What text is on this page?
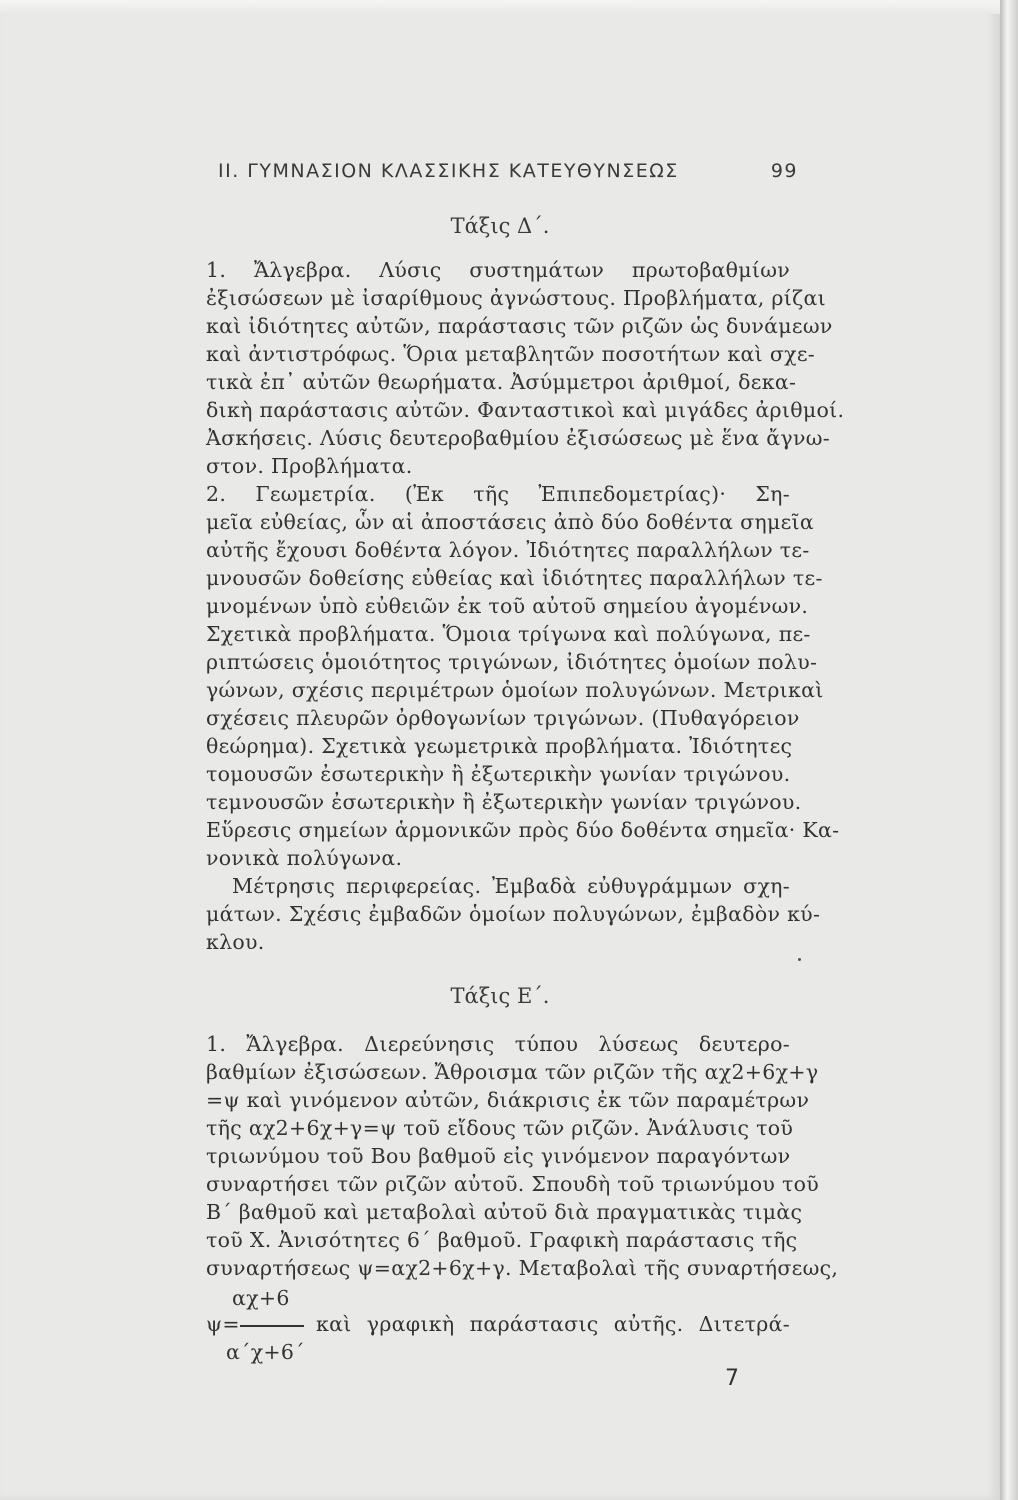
II. ΓΥΜΝΑΣΙΟΝ ΚΛΑΣΣΙΚΗΣ ΚΑΤΕΥΘΥΝΣΕΩΣ	99
Τάξις Δ΄.
1. Ἄλγεβρα. Λύσις συστημάτων πρωτοβαθμίων
ἐξισώσεων μὲ ἰσαρίθμους ἀγνώστους. Προβλήματα, ρίζαι
καὶ ἰδιότητες αὐτῶν, παράστασις τῶν ριζῶν ὡς δυνάμεων
καὶ ἀντιστρόφως. Ὅρια μεταβλητῶν ποσοτήτων καὶ σχε-
τικὰ ἐπ᾽ αὐτῶν θεωρήματα. Ἀσύμμετροι ἀριθμοί, δεκα-
δικὴ παράστασις αὐτῶν. Φανταστικοὶ καὶ μιγάδες ἀριθμοί.
Ἀσκήσεις. Λύσις δευτεροβαθμίου ἐξισώσεως μὲ ἕνα ἄγνω-
στον. Προβλήματα.
2. Γεωμετρία. (Ἐκ τῆς Ἐπιπεδομετρίας)· Ση-
μεῖα εὐθείας, ὧν αἱ ἀποστάσεις ἀπὸ δύο δοθέντα σημεῖα
αὐτῆς ἔχουσι δοθέντα λόγον. Ἰδιότητες παραλλήλων τε-
μνουσῶν δοθείσης εὐθείας καὶ ἰδιότητες παραλλήλων τε-
μνομένων ὑπὸ εὐθειῶν ἐκ τοῦ αὐτοῦ σημείου ἀγομένων.
Σχετικὰ προβλήματα. Ὅμοια τρίγωνα καὶ πολύγωνα, πε-
ριπτώσεις ὁμοιότητος τριγώνων, ἰδιότητες ὁμοίων πολυ-
γώνων, σχέσις περιμέτρων ὁμοίων πολυγώνων. Μετρικαὶ
σχέσεις πλευρῶν ὀρθογωνίων τριγώνων. (Πυθαγόρειον
θεώρημα). Σχετικὰ γεωμετρικὰ προβλήματα. Ἰδιότητες
τομουσῶν ἐσωτερικὴν ἢ ἐξωτερικὴν γωνίαν τριγώνου.
τεμνουσῶν ἐσωτερικὴν ἢ ἐξωτερικὴν γωνίαν τριγώνου.
Εὕρεσις σημείων ἁρμονικῶν πρὸς δύο δοθέντα σημεῖα· Κα-
νονικὰ πολύγωνα.
Μέτρησις περιφερείας. Ἐμβαδὰ εὐθυγράμμων σχη-
μάτων. Σχέσις ἐμβαδῶν ὁμοίων πολυγώνων, ἐμβαδὸν κύ-
κλου.
Τάξις Ε΄.
1. Ἄλγεβρα. Διερεύνησις τύπου λύσεως δευτερο-
βαθμίων ἐξισώσεων. Ἄθροισμα τῶν ριζῶν τῆς αχ2+6χ+γ
=ψ καὶ γινόμενον αὐτῶν, διάκρισις ἐκ τῶν παραμέτρων
τῆς αχ2+6χ+γ=ψ τοῦ εἴδους τῶν ριζῶν. Ἀνάλυσις τοῦ
τριωνύμου τοῦ Βου βαθμοῦ εἰς γινόμενον παραγόντων
συναρτήσει τῶν ριζῶν αὐτοῦ. Σπουδὴ τοῦ τριωνύμου τοῦ
Β΄ βαθμοῦ καὶ μεταβολαὶ αὐτοῦ διὰ πραγματικὰς τιμὰς
τοῦ Χ. Ἀνισότητες 6΄ βαθμοῦ. Γραφικὴ παράστασις τῆς
συναρτήσεως ψ=αχ2+6χ+γ. Μεταβολαὶ τῆς συναρτήσεως,
αχ+6
ψ=	καὶ γραφικὴ παράστασις αὐτῆς. Διτετρά-
α΄χ+6΄
7
